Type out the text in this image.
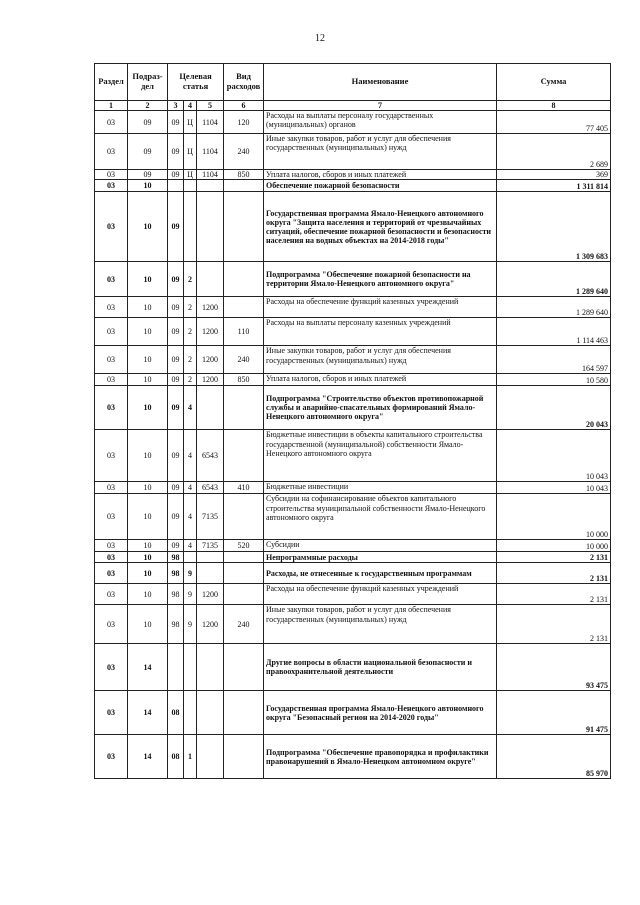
12
Раздел	Подраз-дел	Целевая статья			Вид расходов	Наименование	Сумма
1	2	3	4	5	6	7	8
03	09	09	Ц	1104	120	Расходы на выплаты персоналу государственных (муниципальных) органов	77 405
03	09	09	Ц	1104	240	Иные закупки товаров, работ и услуг для обеспечения государственных (муниципальных) нужд	2 689
03	09	09	Ц	1104	850	Уплата налогов, сборов и иных платежей	369
03	10					Обеспечение пожарной безопасности	1 311 814
03	10	09				Государственная программа Ямало-Ненецкого автономного округа "Защита населения и территорий от чрезвычайных ситуаций, обеспечение пожарной безопасности и безопасности населения на водных объектах на 2014-2018 годы"	1 309 683
03	10	09	2			Подпрограмма "Обеспечение пожарной безопасности на территории Ямало-Ненецкого автономного округа"	1 289 640
03	10	09	2	1200		Расходы на обеспечение функций казенных учреждений	1 289 640
03	10	09	2	1200	110	Расходы на выплаты персоналу казенных учреждений	1 114 463
03	10	09	2	1200	240	Иные закупки товаров, работ и услуг для обеспечения государственных (муниципальных) нужд	164 597
03	10	09	2	1200	850	Уплата налогов, сборов и иных платежей	10 580
03	10	09	4			Подпрограмма "Строительство объектов противопожарной службы и аварийно-спасательных формирований Ямало-Ненецкого автономного округа"	20 043
03	10	09	4	6543		Бюджетные инвестиции в объекты капитального строительства государственной (муниципальной) собственности Ямало-Ненецкого автономного округа	10 043
03	10	09	4	6543	410	Бюджетные инвестиции	10 043
03	10	09	4	7135		Субсидии на софинансирование объектов капитального строительства муниципальной собственности Ямало-Ненецкого автономного округа	10 000
03	10	09	4	7135	520	Субсидии	10 000
03	10	98				Непрограммные расходы	2 131
03	10	98	9			Расходы, не отнесенные к государственным программам	2 131
03	10	98	9	1200		Расходы на обеспечение функций казенных учреждений	2 131
03	10	98	9	1200	240	Иные закупки товаров, работ и услуг для обеспечения государственных (муниципальных) нужд	2 131
03	14					Другие вопросы в области национальной безопасности и правоохранительной деятельности	93 475
03	14	08				Государственная программа Ямало-Ненецкого автономного округа "Безопасный регион на 2014-2020 годы"	91 475
03	14	08	1			Подпрограмма "Обеспечение правопорядка и профилактики правонарушений в Ямало-Ненецком автономном округе"	85 970
